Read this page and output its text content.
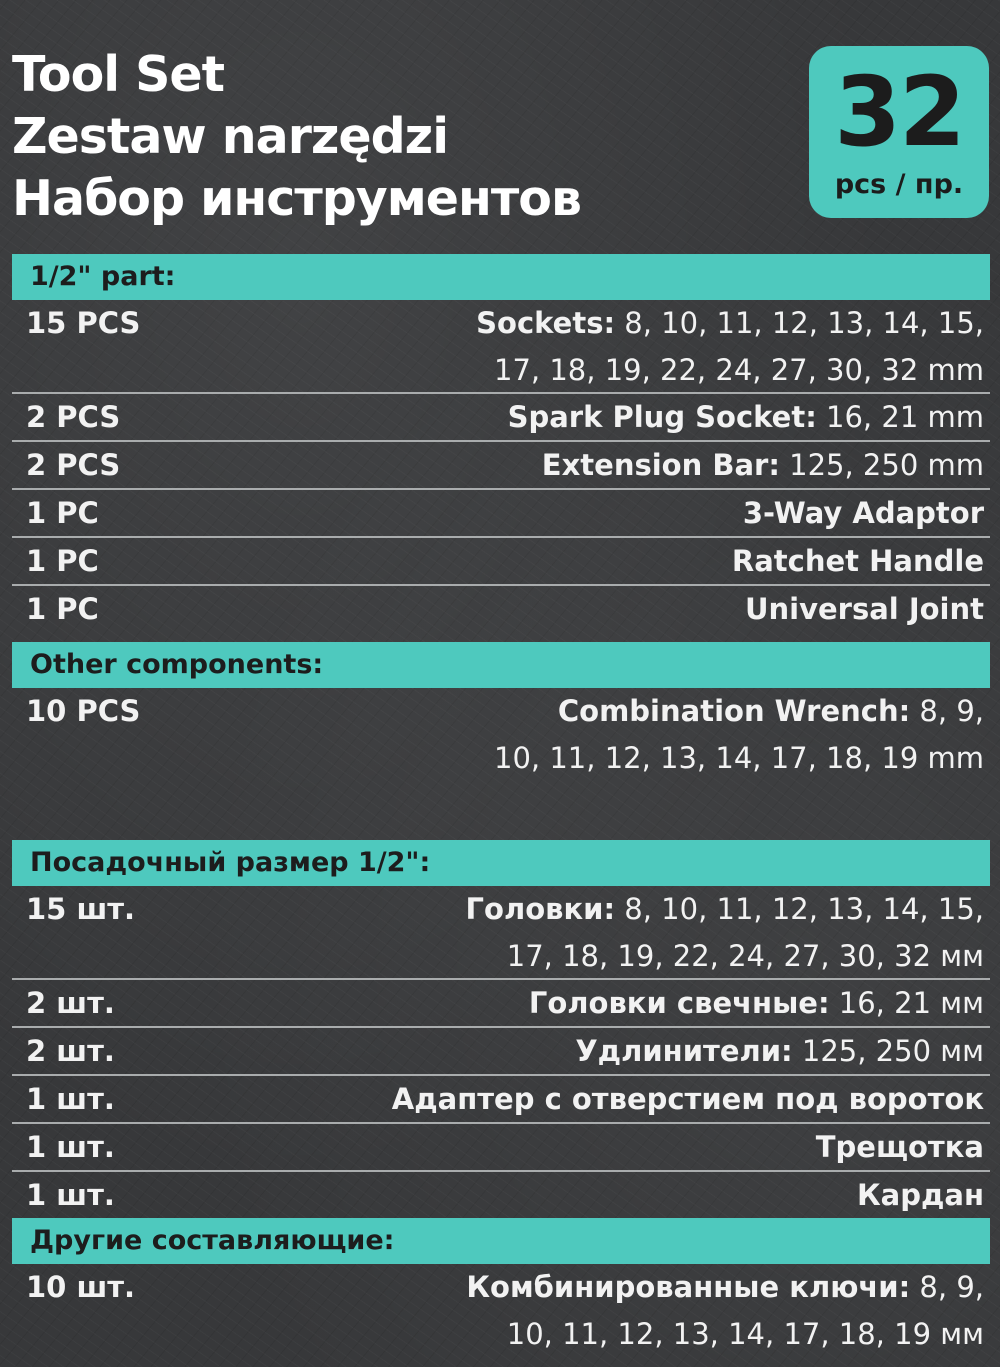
Tool Set
Zestaw narzędzi
Набор инструментов
32
pcs / пр.
1/2" part:
15 PCS	Sockets: 8, 10, 11, 12, 13, 14, 15,
17, 18, 19, 22, 24, 27, 30, 32 mm
2 PCS	Spark Plug Socket: 16, 21 mm
2 PCS	Extension Bar: 125, 250 mm
1 PC	3-Way Adaptor
1 PC	Ratchet Handle
1 PC	Universal Joint
Other components:
10 PCS	Combination Wrench: 8, 9,
10, 11, 12, 13, 14, 17, 18, 19 mm
Посадочный размер 1/2":
15 шт.	Головки: 8, 10, 11, 12, 13, 14, 15,
17, 18, 19, 22, 24, 27, 30, 32 мм
2 шт.	Головки свечные: 16, 21 мм
2 шт.	Удлинители: 125, 250 мм
1 шт.	Адаптер с отверстием под вороток
1 шт.	Трещотка
1 шт.	Кардан
Другие составляющие:
10 шт.	Комбинированные ключи: 8, 9,
10, 11, 12, 13, 14, 17, 18, 19 мм
